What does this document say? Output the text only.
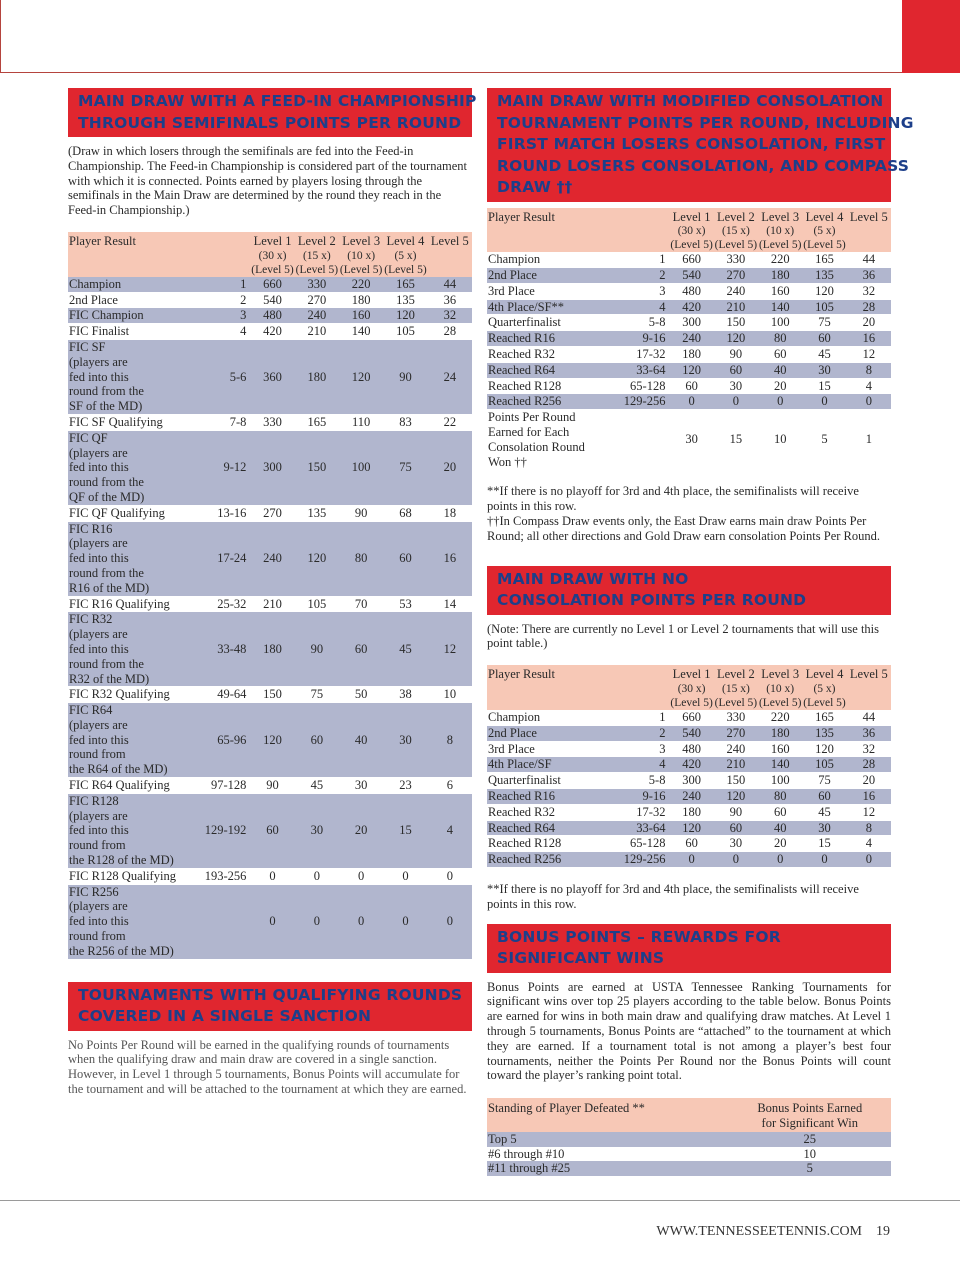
MAIN DRAW WITH A FEED-IN CHAMPIONSHIP
THROUGH SEMIFINALS POINTS PER ROUND

(Draw in which losers through the semifinals are fed into the Feed-in Championship. The Feed-in Championship is considered part of the tournament with which it is connected. Points earned by players losing through the semifinals in the Main Draw are determined by the round they reach in the Feed-in Championship.)

Player Result		Level 1
(30 x)
(Level 5)	Level 2
(15 x)
(Level 5)	Level 3
(10 x)
(Level 5)	Level 4
(5 x)
(Level 5)	Level 5
Champion	1	660	330	220	165	44
2nd Place	2	540	270	180	135	36
FIC Champion	3	480	240	160	120	32
FIC Finalist	4	420	210	140	105	28
FIC SF
(players are
fed into this
round from the
SF of the MD)	5-6	360	180	120	90	24
FIC SF Qualifying	7-8	330	165	110	83	22
FIC QF
(players are
fed into this
round from the
QF of the MD)	9-12	300	150	100	75	20
FIC QF Qualifying	13-16	270	135	90	68	18
FIC R16
(players are
fed into this
round from the
R16 of the MD)	17-24	240	120	80	60	16
FIC R16 Qualifying	25-32	210	105	70	53	14
FIC R32
(players are
fed into this
round from the
R32 of the MD)	33-48	180	90	60	45	12
FIC R32 Qualifying	49-64	150	75	50	38	10
FIC R64
(players are
fed into this
round from
the R64 of the MD)	65-96	120	60	40	30	8
FIC R64 Qualifying	97-128	90	45	30	23	6
FIC R128
(players are
fed into this
round from
the R128 of the MD)	129-192	60	30	20	15	4
FIC R128 Qualifying	193-256	0	0	0	0	0
FIC R256
(players are
fed into this
round from
the R256 of the MD)		0	0	0	0	0
TOURNAMENTS WITH QUALIFYING ROUNDS
COVERED IN A SINGLE SANCTION

No Points Per Round will be earned in the qualifying rounds of tournaments when the qualifying draw and main draw are covered in a single sanction. However, in Level 1 through 5 tournaments, Bonus Points will accumulate for the tournament and will be attached to the tournament at which they are earned.

MAIN DRAW WITH MODIFIED CONSOLATION
TOURNAMENT POINTS PER ROUND, INCLUDING
FIRST MATCH LOSERS CONSOLATION, FIRST
ROUND LOSERS CONSOLATION, AND COMPASS
DRAW ††
Player Result		Level 1
(30 x)
(Level 5)	Level 2
(15 x)
(Level 5)	Level 3
(10 x)
(Level 5)	Level 4
(5 x)
(Level 5)	Level 5
Champion	1	660	330	220	165	44
2nd Place	2	540	270	180	135	36
3rd Place	3	480	240	160	120	32
4th Place/SF**	4	420	210	140	105	28
Quarterfinalist	5-8	300	150	100	75	20
Reached R16	9-16	240	120	80	60	16
Reached R32	17-32	180	90	60	45	12
Reached R64	33-64	120	60	40	30	8
Reached R128	65-128	60	30	20	15	4
Reached R256	129-256	0	0	0	0	0
Points Per Round
Earned for Each
Consolation Round
Won ††		30	15	10	5	1

**If there is no playoff for 3rd and 4th place, the semifinalists will receive points in this row.

††In Compass Draw events only, the East Draw earns main draw Points Per Round; all other directions and Gold Draw earn consolation Points Per Round.

MAIN DRAW WITH NO
CONSOLATION POINTS PER ROUND

(Note: There are currently no Level 1 or Level 2 tournaments that will use this point table.)

Player Result		Level 1
(30 x)
(Level 5)	Level 2
(15 x)
(Level 5)	Level 3
(10 x)
(Level 5)	Level 4
(5 x)
(Level 5)	Level 5
Champion	1	660	330	220	165	44
2nd Place	2	540	270	180	135	36
3rd Place	3	480	240	160	120	32
4th Place/SF	4	420	210	140	105	28
Quarterfinalist	5-8	300	150	100	75	20
Reached R16	9-16	240	120	80	60	16
Reached R32	17-32	180	90	60	45	12
Reached R64	33-64	120	60	40	30	8
Reached R128	65-128	60	30	20	15	4
Reached R256	129-256	0	0	0	0	0

**If there is no playoff for 3rd and 4th place, the semifinalists will receive points in this row.

BONUS POINTS – REWARDS FOR
SIGNIFICANT WINS

Bonus Points are earned at USTA Tennessee Ranking Tournaments for significant wins over top 25 players according to the table below. Bonus Points are earned for wins in both main draw and qualifying draw matches. At Level 1 through 5 tournaments, Bonus Points are “attached” to the tournament at which they are earned. If a tournament total is not among a player’s best four tournaments, neither the Points Per Round nor the Bonus Points will count toward the player’s ranking point total.

Standing of Player Defeated **	Bonus Points Earned
for Significant Win
Top 5	25
#6 through #10	10
#11 through #25	5
WWW.TENNESSEETENNIS.COM 19
